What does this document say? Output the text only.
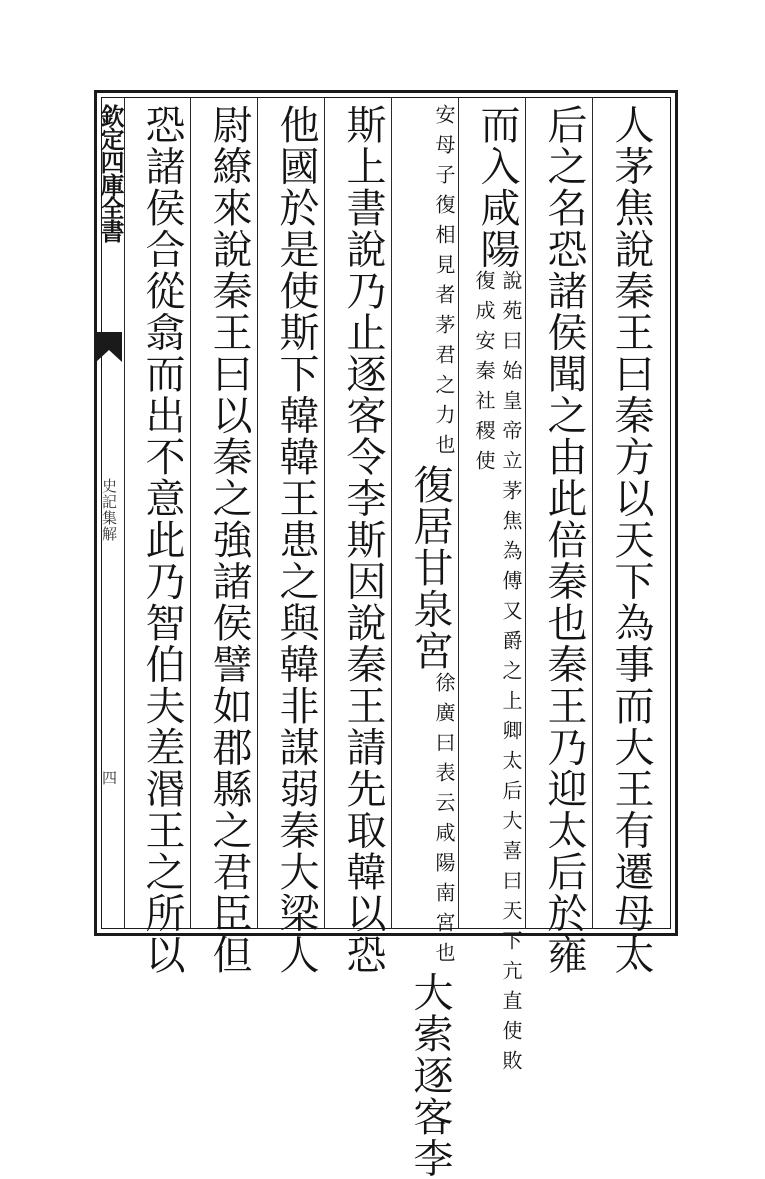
欽定四庫全書
史記集解
四	人茅焦說秦王曰秦方以天下為事而大王有遷母太
后之名恐諸侯聞之由此倍秦也秦王乃迎太后於雍
而入咸陽說苑曰始皇帝立茅焦為傅又爵之上卿太后大喜曰天下亢直使敗復成安秦社稷使
安母子復相見者茅君之力也復居甘泉宮徐廣曰表云咸陽南宮也大索逐客李
斯上書說乃止逐客令李斯因說秦王請先取韓以恐
他國於是使斯下韓韓王患之與韓非謀弱秦大梁人
尉繚來說秦王曰以秦之強諸侯譬如郡縣之君臣但
恐諸侯合從翕而出不意此乃智伯夫差湣王之所以
